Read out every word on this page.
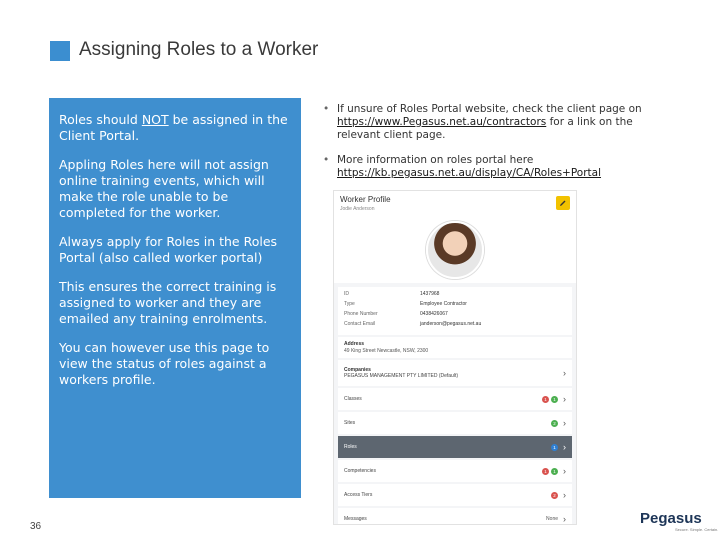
Assigning Roles to a Worker

Roles should NOT be assigned in the Client Portal.

Appling Roles here will not assign online training events, which will make the role unable to be completed for the worker.

Always apply for Roles in the Roles Portal (also called worker portal)

This ensures the correct training is assigned to worker and they are emailed any training enrolments.

You can however use this page to view the status of roles against a workers profile.

• If unsure of Roles Portal website, check the client page on https://www.Pegasus.net.au/contractors for a link on the relevant client page.
• More information on roles portal here https://kb.pegasus.net.au/display/CA/Roles+Portal
Worker Profile
Jodie Anderson
ID	1437968
Type	Employee Contractor
Phone Number	0438426067
Contact Email	janderson@pegasus.net.au
Address
49 King Street Newcastle, NSW, 2300
Companies
PEGASUS MANAGEMENT PTY LIMITED (Default)	›
Classes	1	1 ›
Sites	2 ›
Roles	1 ›
Competencies	1	1 ›
Access Tiers	2 ›
Messages	None ›
36	Pegasus
Secure. Simple. Certain.
